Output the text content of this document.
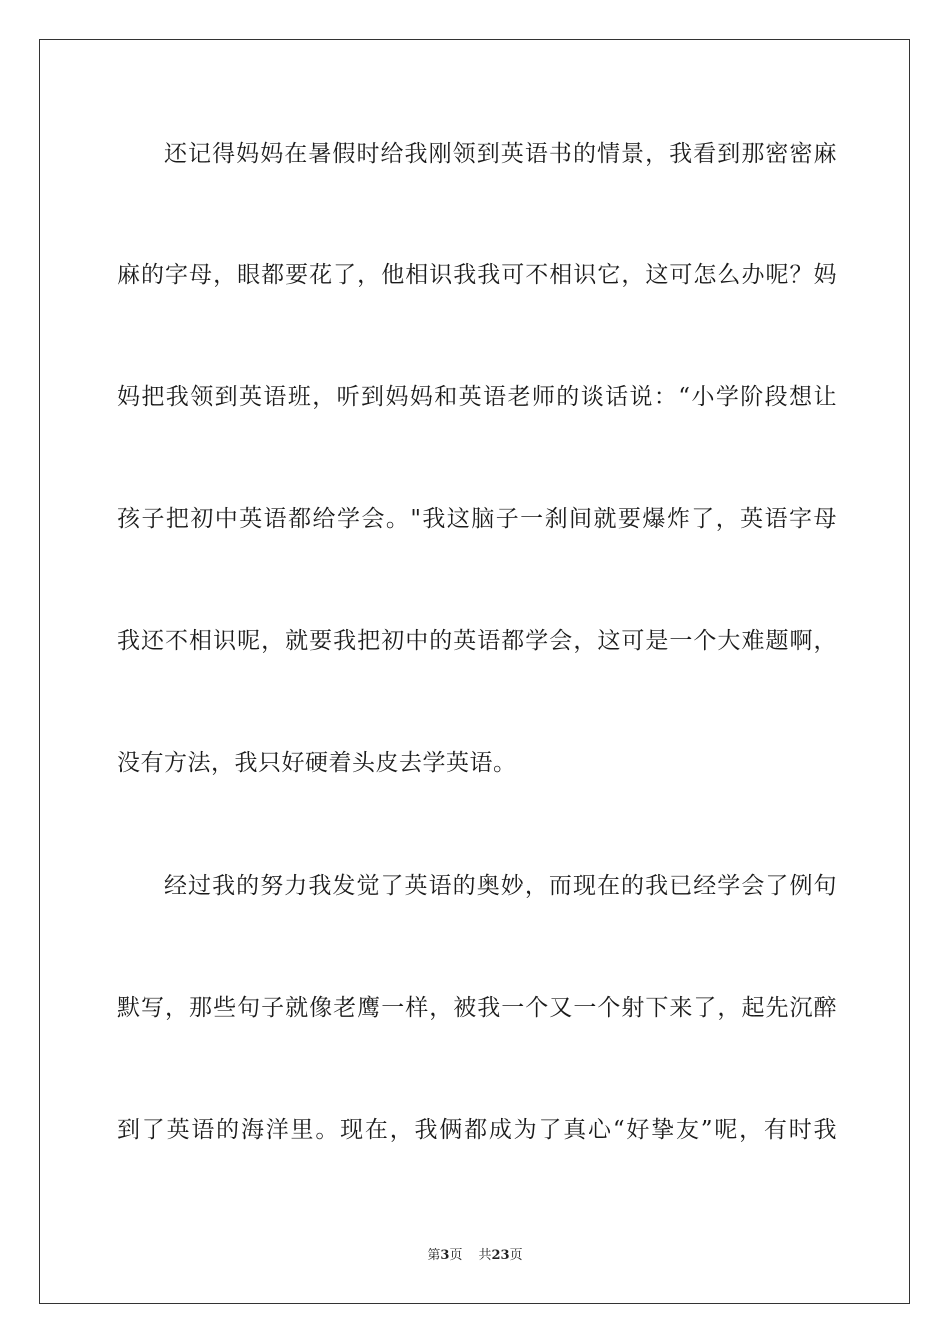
还记得妈妈在暑假时给我刚领到英语书的情景，我看到那密密麻
麻的字母，眼都要花了，他相识我我可不相识它，这可怎么办呢？妈
妈把我领到英语班，听到妈妈和英语老师的谈话说：“小学阶段想让
孩子把初中英语都给学会。"我这脑子一刹间就要爆炸了，英语字母
我还不相识呢，就要我把初中的英语都学会，这可是一个大难题啊，
没有方法，我只好硬着头皮去学英语。
经过我的努力我发觉了英语的奥妙，而现在的我已经学会了例句
默写，那些句子就像老鹰一样，被我一个又一个射下来了，起先沉醉
到了英语的海洋里。现在，我俩都成为了真心“好挚友”呢，有时我
第3页 共23页
